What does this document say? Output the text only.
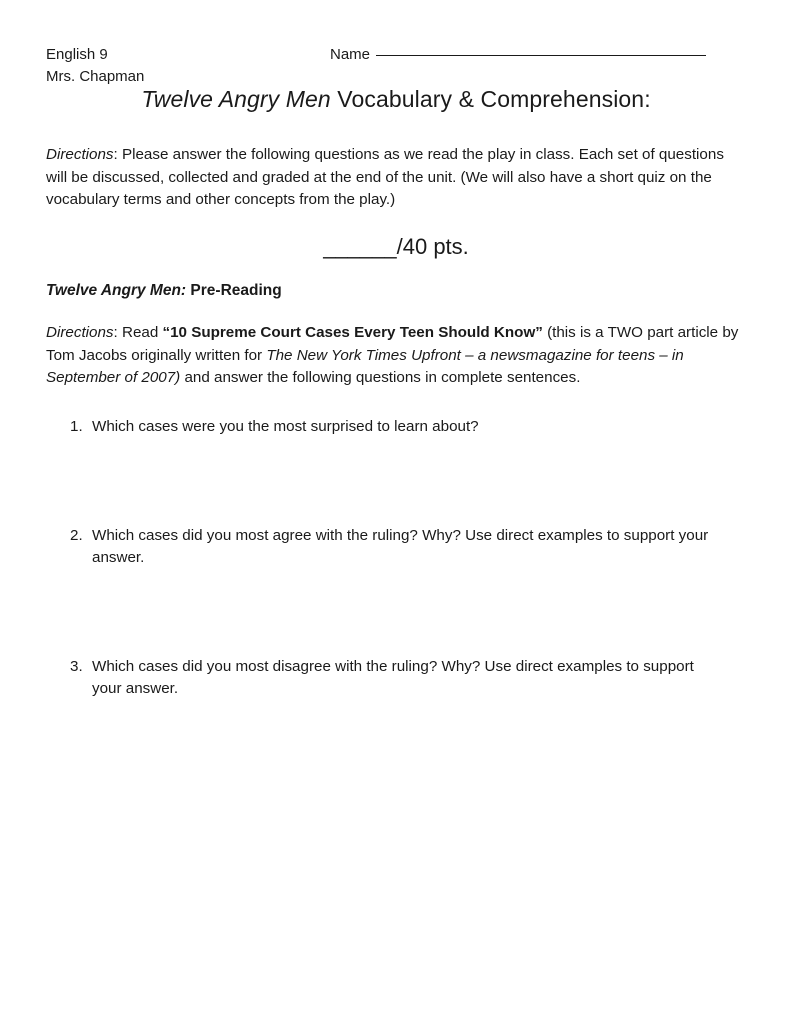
English 9	Name
Mrs. Chapman
Twelve Angry Men Vocabulary & Comprehension:
Directions: Please answer the following questions as we read the play in class. Each set of questions will be discussed, collected and graded at the end of the unit. (We will also have a short quiz on the vocabulary terms and other concepts from the play.)
______/40 pts.
Twelve Angry Men: Pre-Reading
Directions: Read “10 Supreme Court Cases Every Teen Should Know” (this is a TWO part article by Tom Jacobs originally written for The New York Times Upfront – a newsmagazine for teens – in September of 2007) and answer the following questions in complete sentences.
1. Which cases were you the most surprised to learn about?
2. Which cases did you most agree with the ruling? Why? Use direct examples to support your answer.
3. Which cases did you most disagree with the ruling? Why? Use direct examples to support your answer.
